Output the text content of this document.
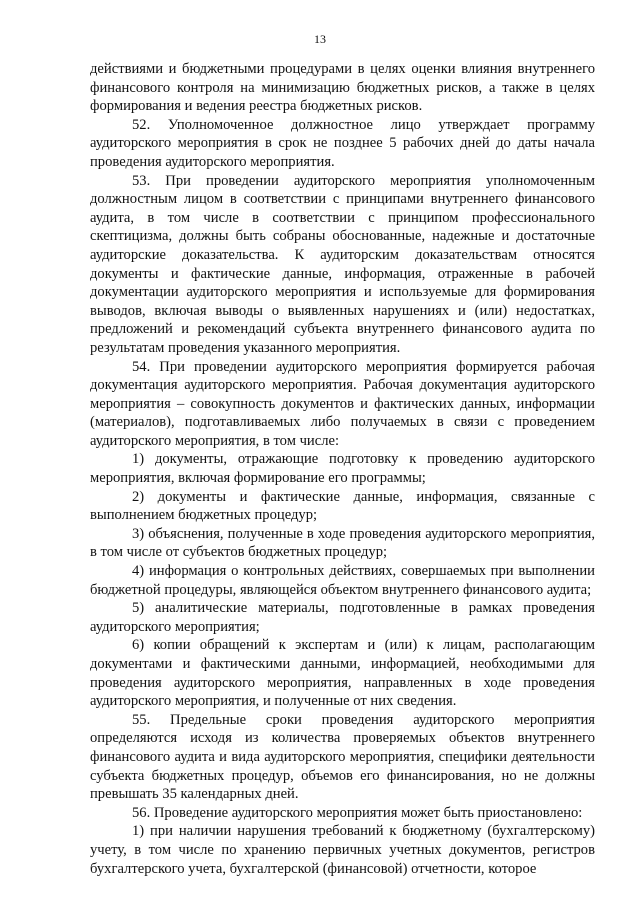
13

действиями и бюджетными процедурами в целях оценки влияния внутреннего финансового контроля на минимизацию бюджетных рисков, а также в целях формирования и ведения реестра бюджетных рисков.

52. Уполномоченное должностное лицо утверждает программу аудиторского мероприятия в срок не позднее 5 рабочих дней до даты начала проведения аудиторского мероприятия.

53. При проведении аудиторского мероприятия уполномоченным должностным лицом в соответствии с принципами внутреннего финансового аудита, в том числе в соответствии с принципом профессионального скептицизма, должны быть собраны обоснованные, надежные и достаточные аудиторские доказательства. К аудиторским доказательствам относятся документы и фактические данные, информация, отраженные в рабочей документации аудиторского мероприятия и используемые для формирования выводов, включая выводы о выявленных нарушениях и (или) недостатках, предложений и рекомендаций субъекта внутреннего финансового аудита по результатам проведения указанного мероприятия.

54. При проведении аудиторского мероприятия формируется рабочая документация аудиторского мероприятия. Рабочая документация аудиторского мероприятия – совокупность документов и фактических данных, информации (материалов), подготавливаемых либо получаемых в связи с проведением аудиторского мероприятия, в том числе:

1) документы, отражающие подготовку к проведению аудиторского мероприятия, включая формирование его программы;

2) документы и фактические данные, информация, связанные с выполнением бюджетных процедур;

3) объяснения, полученные в ходе проведения аудиторского мероприятия, в том числе от субъектов бюджетных процедур;

4) информация о контрольных действиях, совершаемых при выполнении бюджетной процедуры, являющейся объектом внутреннего финансового аудита;

5) аналитические материалы, подготовленные в рамках проведения аудиторского мероприятия;

6) копии обращений к экспертам и (или) к лицам, располагающим документами и фактическими данными, информацией, необходимыми для проведения аудиторского мероприятия, направленных в ходе проведения аудиторского мероприятия, и полученные от них сведения.

55. Предельные сроки проведения аудиторского мероприятия определяются исходя из количества проверяемых объектов внутреннего финансового аудита и вида аудиторского мероприятия, специфики деятельности субъекта бюджетных процедур, объемов его финансирования, но не должны превышать 35 календарных дней.

56. Проведение аудиторского мероприятия может быть приостановлено:

1) при наличии нарушения требований к бюджетному (бухгалтерскому) учету, в том числе по хранению первичных учетных документов, регистров бухгалтерского учета, бухгалтерской (финансовой) отчетности, которое
